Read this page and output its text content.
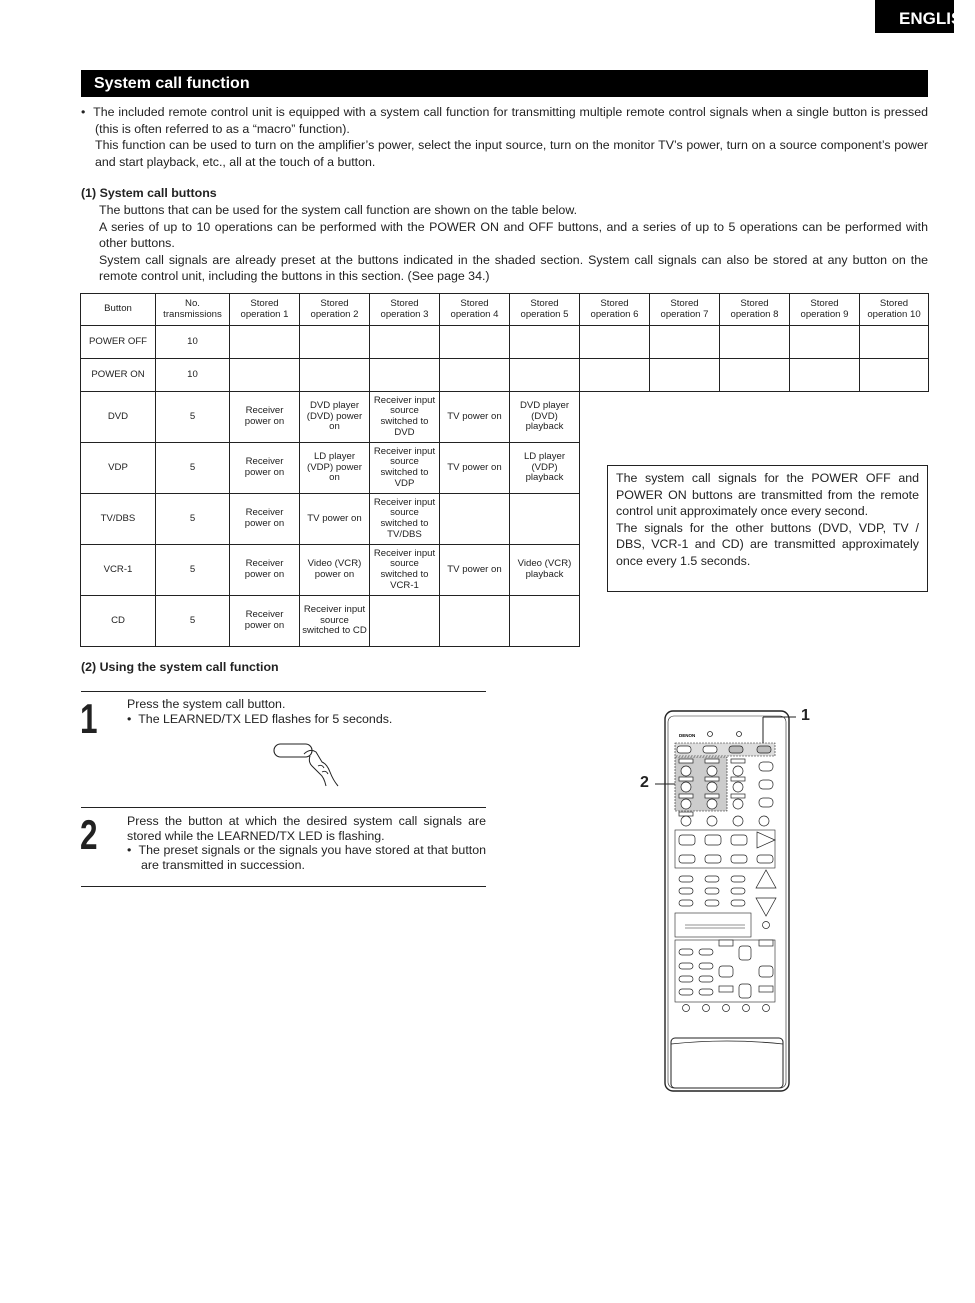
ENGLISH
System call function

•  The included remote control unit is equipped with a system call function for transmitting multiple remote control signals when a single button is pressed (this is often referred to as a “macro” function).

This function can be used to turn on the amplifier’s power, select the input source, turn on the monitor TV’s power, turn on a source component’s power and start playback, etc., all at the touch of a button.

(1) System call buttons

The buttons that can be used for the system call function are shown on the table below.

A series of up to 10 operations can be performed with the POWER ON and OFF buttons, and a series of up to 5 operations can be performed with other buttons.

System call signals are already preset at the buttons indicated in the shaded section. System call signals can also be stored at any button on the remote control unit, including the buttons in this section. (See page 34.)

Button	No. transmissions	Stored operation 1	Stored operation 2	Stored operation 3	Stored operation 4	Stored operation 5	Stored operation 6	Stored operation 7	Stored operation 8	Stored operation 9	Stored operation 10
POWER OFF	10										
POWER ON	10										
DVD	5	Receiver power on	DVD player (DVD) power on	Receiver input source switched to DVD	TV power on	DVD player (DVD) playback					
VDP	5	Receiver power on	LD player (VDP) power on	Receiver input source switched to VDP	TV power on	LD player (VDP) playback					
TV/DBS	5	Receiver power on	TV power on	Receiver input source switched to TV/DBS							
VCR-1	5	Receiver power on	Video (VCR) power on	Receiver input source switched to VCR-1	TV power on	Video (VCR) playback					
CD	5	Receiver power on	Receiver input source switched to CD								

The system call signals for the POWER OFF and POWER ON buttons are transmitted from the remote control unit approximately once every second.

The signals for the other buttons (DVD, VDP, TV / DBS, VCR-1 and CD) are transmitted approximately once every 1.5 seconds.

(2) Using the system call function
1 Press the system call button.

•  The LEARNED/TX LED flashes for 5 seconds.

2 Press the button at which the desired system call signals are stored while the LEARNED/TX LED is flashing.

•  The preset signals or the signals you have stored at that button are transmitted in succession.

DENON
1
2
